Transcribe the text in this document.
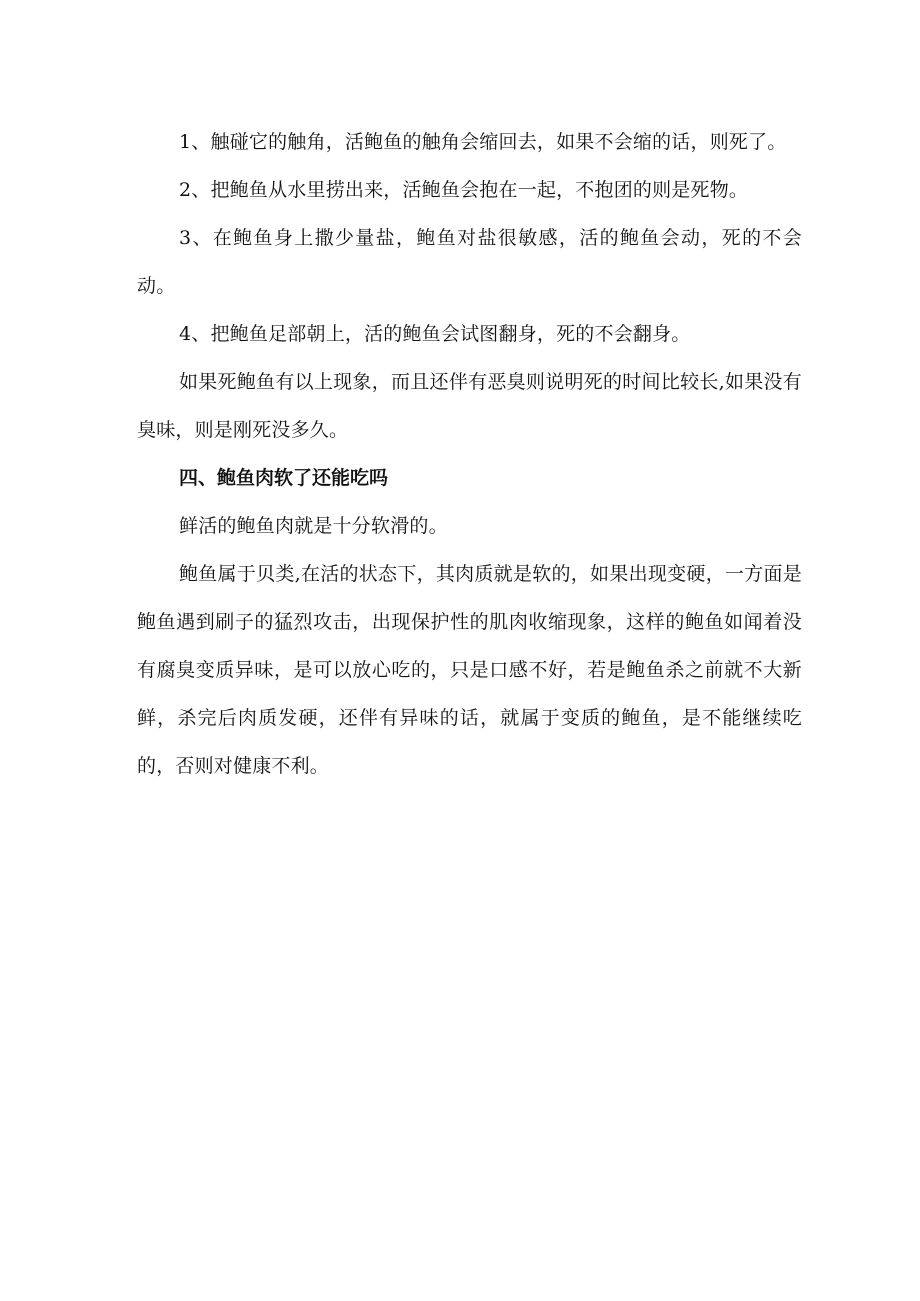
1、触碰它的触角，活鲍鱼的触角会缩回去，如果不会缩的话，则死了。

2、把鲍鱼从水里捞出来，活鲍鱼会抱在一起，不抱团的则是死物。

3、在鲍鱼身上撒少量盐，鲍鱼对盐很敏感，活的鲍鱼会动，死的不会动。

4、把鲍鱼足部朝上，活的鲍鱼会试图翻身，死的不会翻身。

如果死鲍鱼有以上现象，而且还伴有恶臭则说明死的时间比较长,如果没有臭味，则是刚死没多久。

四、鲍鱼肉软了还能吃吗

鲜活的鲍鱼肉就是十分软滑的。

鲍鱼属于贝类,在活的状态下，其肉质就是软的，如果出现变硬，一方面是鲍鱼遇到刷子的猛烈攻击，出现保护性的肌肉收缩现象，这样的鲍鱼如闻着没有腐臭变质异味，是可以放心吃的，只是口感不好，若是鲍鱼杀之前就不大新鲜，杀完后肉质发硬，还伴有异味的话，就属于变质的鲍鱼，是不能继续吃的，否则对健康不利。
